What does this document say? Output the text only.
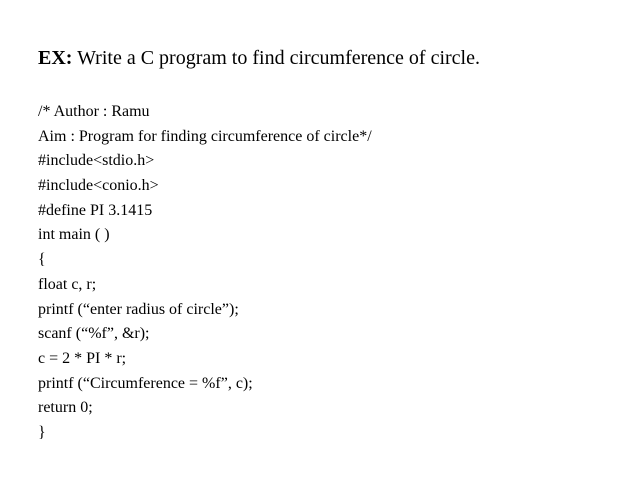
EX: Write a C program to find circumference of circle.
/* Author : Ramu
Aim : Program for finding circumference of circle*/
#include<stdio.h>
#include<conio.h>
#define PI 3.1415
int main ( )
{
float c, r;
printf (“enter radius of circle”);
scanf (“%f”, &r);
c = 2 * PI * r;
printf (“Circumference = %f”, c);
return 0;
}
